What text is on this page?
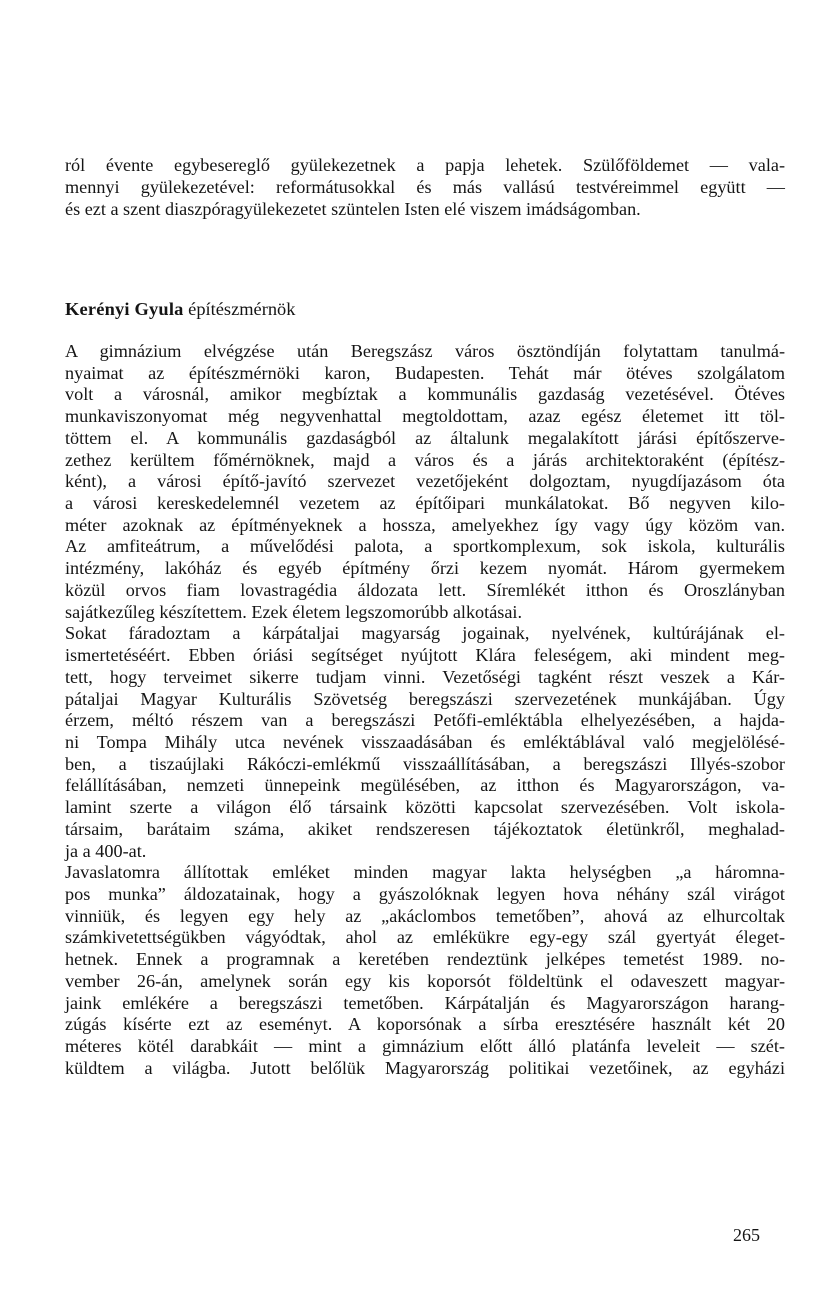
ról évente egybesereglő gyülekezetnek a papja lehetek. Szülőföldemet — vala-
mennyi gyülekezetével: reformátusokkal és más vallású testvéreimmel együtt —
és ezt a szent diaszpóragyülekezetet szüntelen Isten elé viszem imádságomban.
Kerényi Gyula építészmérnök
A gimnázium elvégzése után Beregszász város ösztöndíján folytattam tanulmá-
nyaimat az építészmérnöki karon, Budapesten. Tehát már ötéves szolgálatom
volt a városnál, amikor megbíztak a kommunális gazdaság vezetésével. Ötéves
munkaviszonyomat még negyvenhattal megtoldottam, azaz egész életemet itt töl-
töttem el. A kommunális gazdaságból az általunk megalakított járási építőszerve-
zethez kerültem főmérnöknek, majd a város és a járás architektoraként (építész-
ként), a városi építő-javító szervezet vezetőjeként dolgoztam, nyugdíjazásom óta
a városi kereskedelemnél vezetem az építőipari munkálatokat. Bő negyven kilo-
méter azoknak az építményeknek a hossza, amelyekhez így vagy úgy közöm van.
Az amfiteátrum, a művelődési palota, a sportkomplexum, sok iskola, kulturális
intézmény, lakóház és egyéb építmény őrzi kezem nyomát. Három gyermekem
közül orvos fiam lovastragédia áldozata lett. Síremlékét itthon és Oroszlányban
sajátkezűleg készítettem. Ezek életem legszomorúbb alkotásai.
Sokat fáradoztam a kárpátaljai magyarság jogainak, nyelvének, kultúrájának el-
ismertetéséért. Ebben óriási segítséget nyújtott Klára feleségem, aki mindent meg-
tett, hogy terveimet sikerre tudjam vinni. Vezetőségi tagként részt veszek a Kár-
pátaljai Magyar Kulturális Szövetség beregszászi szervezetének munkájában. Úgy
érzem, méltó részem van a beregszászi Petőfi-emléktábla elhelyezésében, a hajda-
ni Tompa Mihály utca nevének visszaadásában és emléktáblával való megjelölésé-
ben, a tiszaújlaki Rákóczi-emlékmű visszaállításában, a beregszászi Illyés-szobor
felállításában, nemzeti ünnepeink megülésében, az itthon és Magyarországon, va-
lamint szerte a világon élő társaink közötti kapcsolat szervezésében. Volt iskola-
társaim, barátaim száma, akiket rendszeresen tájékoztatok életünkről, meghalad-
ja a 400-at.
Javaslatomra állítottak emléket minden magyar lakta helységben „a háromna-
pos munka” áldozatainak, hogy a gyászolóknak legyen hova néhány szál virágot
vinniük, és legyen egy hely az „akáclombos temetőben”, ahová az elhurcoltak
számkivetettségükben vágyódtak, ahol az emlékükre egy-egy szál gyertyát éleget-
hetnek. Ennek a programnak a keretében rendeztünk jelképes temetést 1989. no-
vember 26-án, amelynek során egy kis koporsót földeltünk el odaveszett magyar-
jaink emlékére a beregszászi temetőben. Kárpátalján és Magyarországon harang-
zúgás kísérte ezt az eseményt. A koporsónak a sírba eresztésére használt két 20
méteres kötél darabkáit — mint a gimnázium előtt álló platánfa leveleit — szét-
küldtem a világba. Jutott belőlük Magyarország politikai vezetőinek, az egyházi
265
